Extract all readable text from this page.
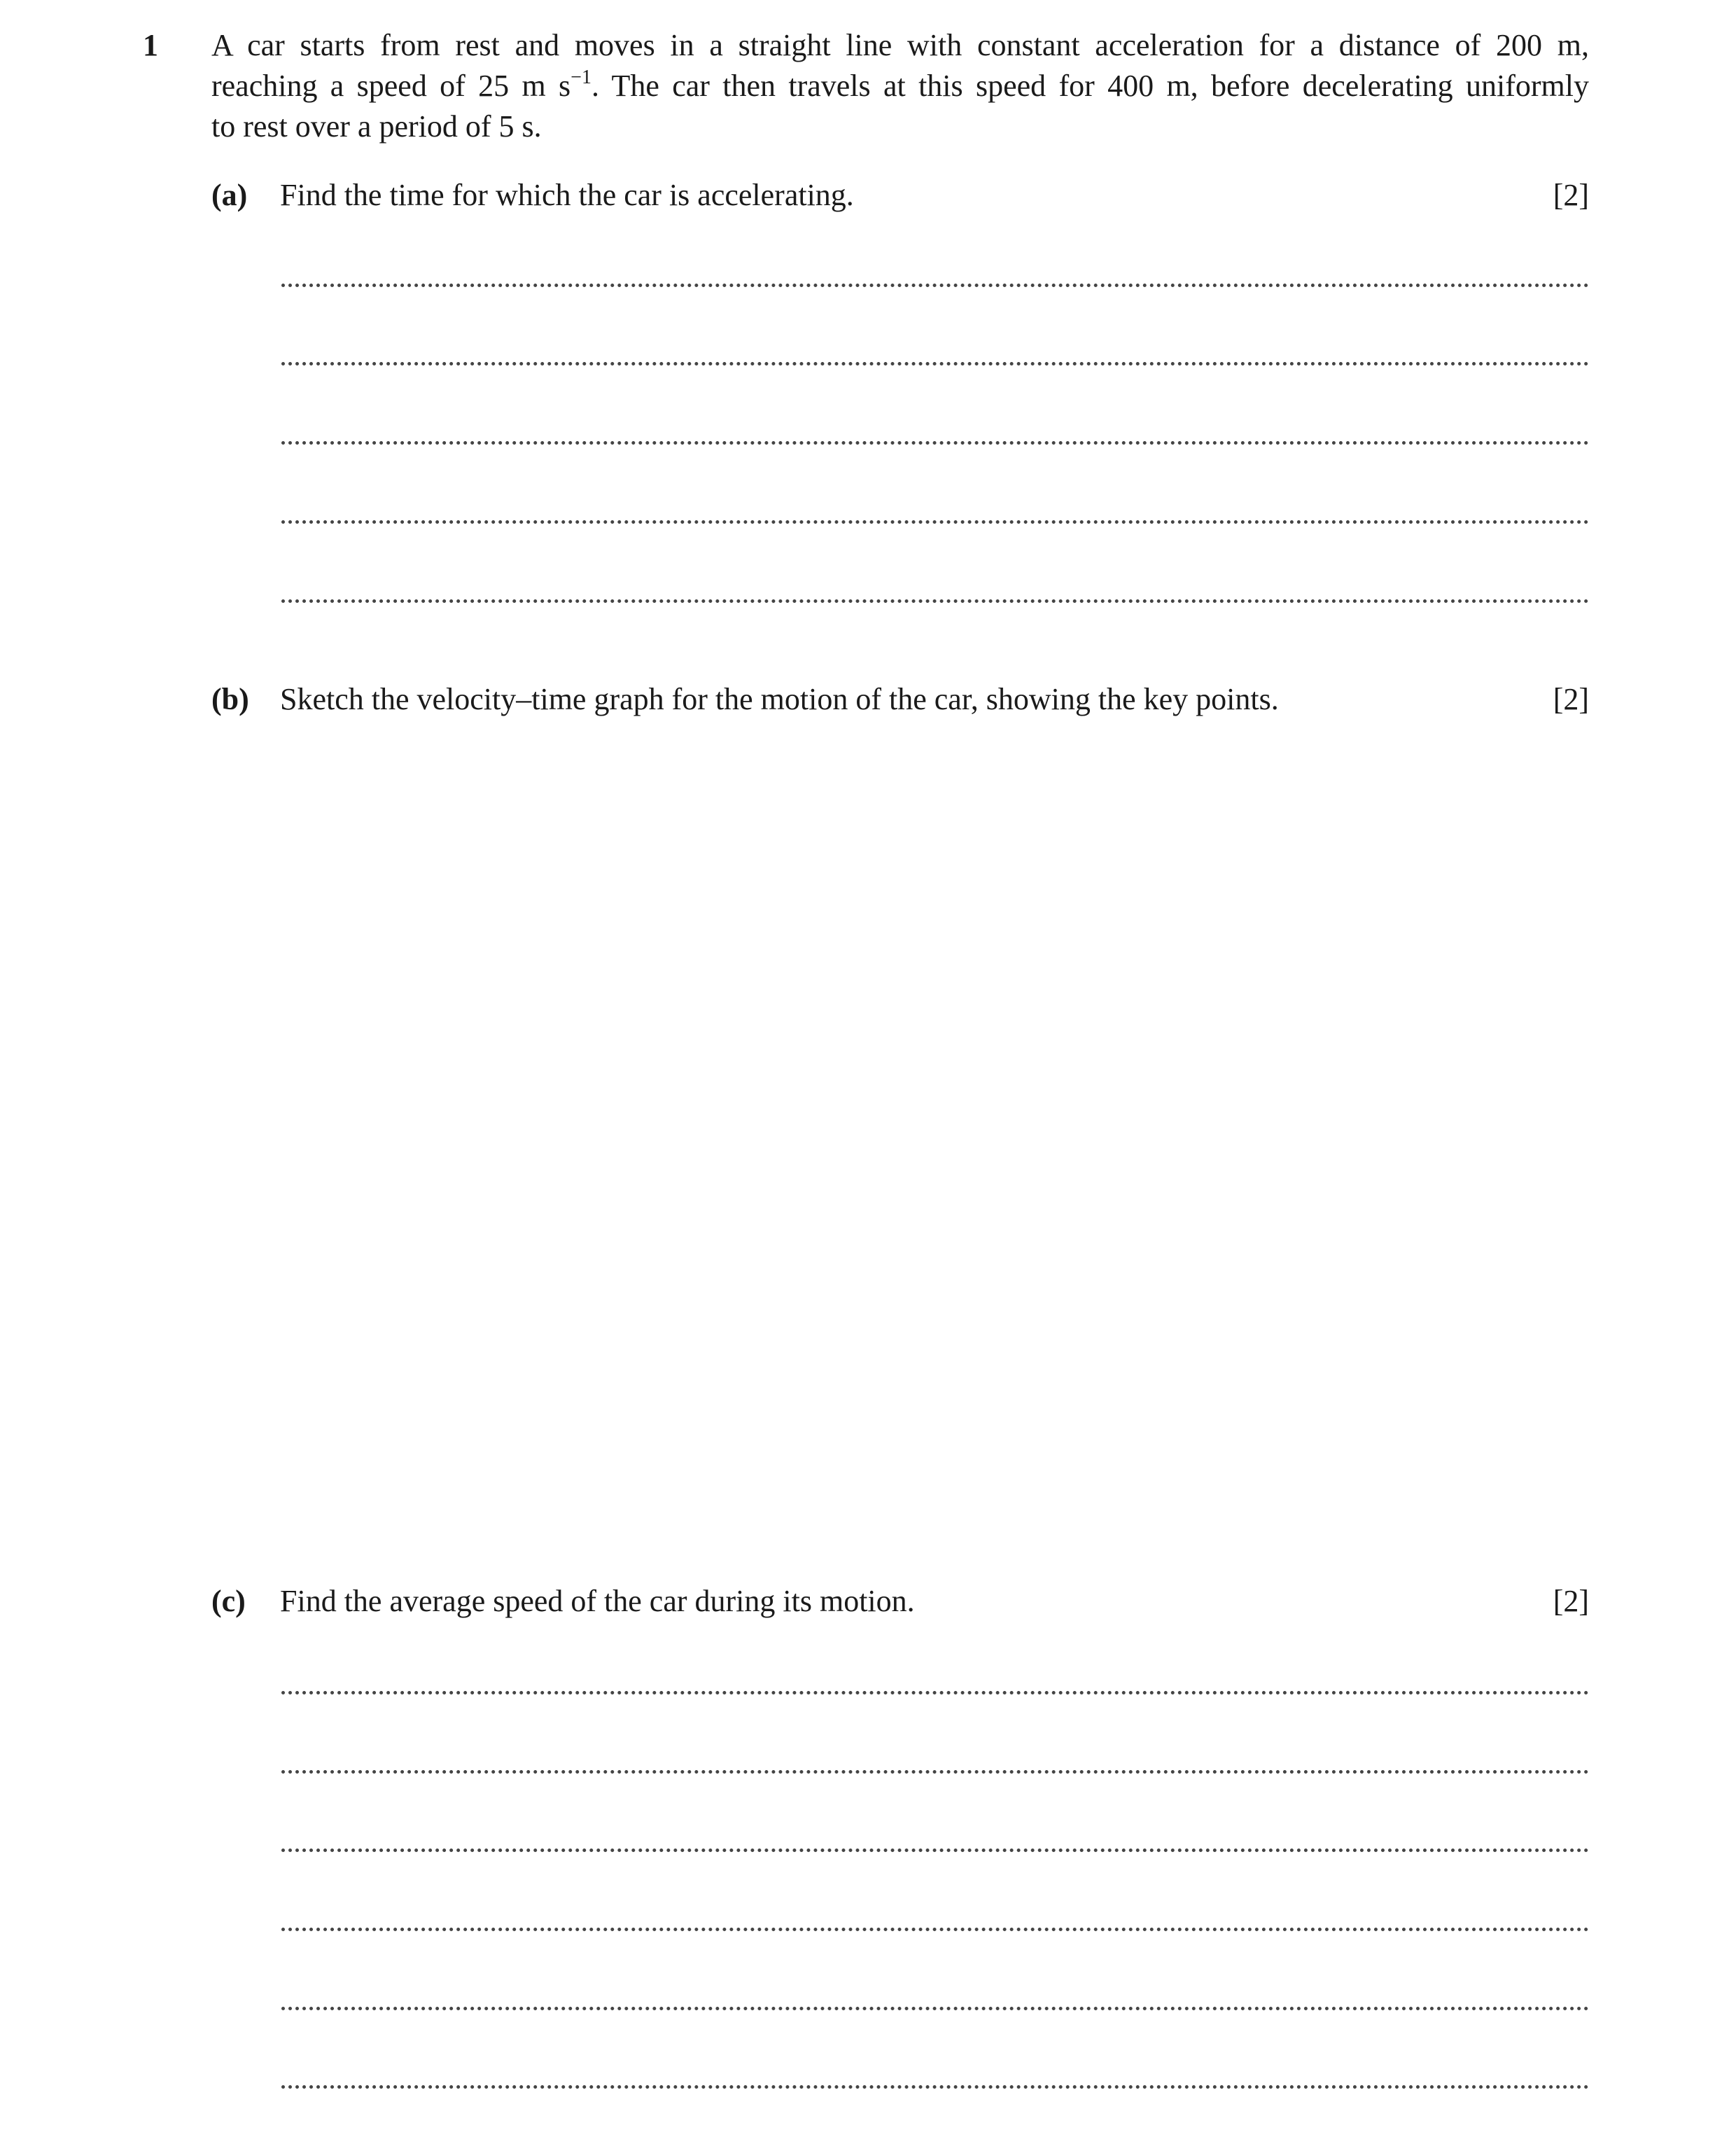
1 A car starts from rest and moves in a straight line with constant acceleration for a distance of 200 m,
reaching a speed of 25 m $s^{-1}$. The car then travels at this speed for 400 m, before decelerating uniformly
to rest over a period of 5 s.
(a) Find the time for which the car is accelerating.	[2]
(b) Sketch the velocity–time graph for the motion of the car, showing the key points.	[2]
(c) Find the average speed of the car during its motion.	[2]
